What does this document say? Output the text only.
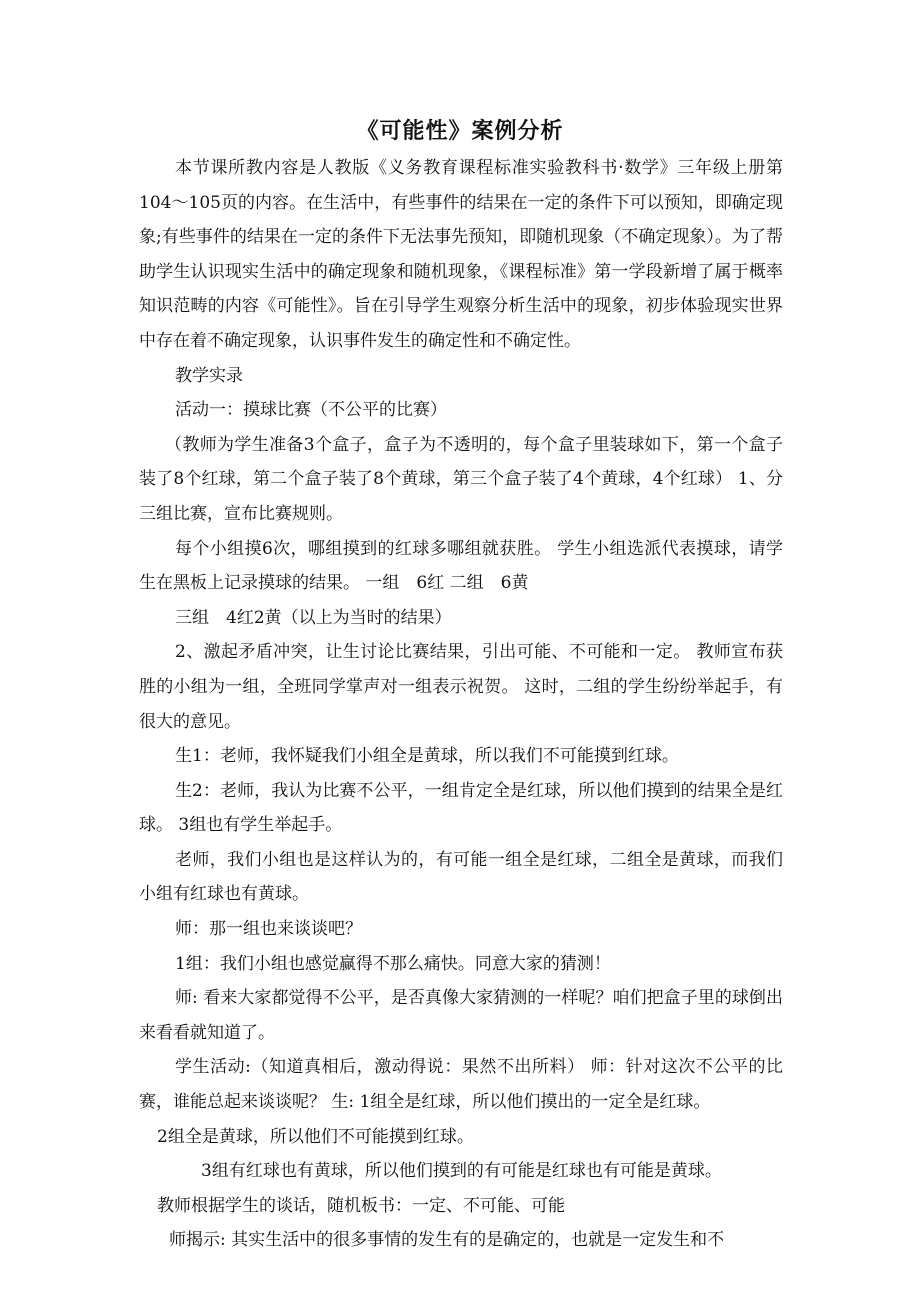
《可能性》案例分析

本节课所教内容是人教版《义务教育课程标准实验教科书·数学》三年级上册第104～105页的内容。在生活中，有些事件的结果在一定的条件下可以预知，即确定现象;有些事件的结果在一定的条件下无法事先预知，即随机现象（不确定现象）。为了帮助学生认识现实生活中的确定现象和随机现象，《课程标准》第一学段新增了属于概率知识范畴的内容《可能性》。旨在引导学生观察分析生活中的现象，初步体验现实世界中存在着不确定现象，认识事件发生的确定性和不确定性。

教学实录

活动一：摸球比赛（不公平的比赛）

（教师为学生准备3个盒子，盒子为不透明的，每个盒子里装球如下，第一个盒子装了8个红球，第二个盒子装了8个黄球，第三个盒子装了4个黄球，4个红球） 1、分三组比赛，宣布比赛规则。

每个小组摸6次，哪组摸到的红球多哪组就获胜。 学生小组选派代表摸球，请学生在黑板上记录摸球的结果。 一组　6红 二组　6黄

三组　4红2黄（以上为当时的结果）

2、激起矛盾冲突，让生讨论比赛结果，引出可能、不可能和一定。 教师宣布获胜的小组为一组，全班同学掌声对一组表示祝贺。 这时，二组的学生纷纷举起手，有很大的意见。

生1：老师，我怀疑我们小组全是黄球，所以我们不可能摸到红球。

生2：老师，我认为比赛不公平，一组肯定全是红球，所以他们摸到的结果全是红球。 3组也有学生举起手。

老师，我们小组也是这样认为的，有可能一组全是红球，二组全是黄球，而我们小组有红球也有黄球。

师：那一组也来谈谈吧？

1组：我们小组也感觉赢得不那么痛快。同意大家的猜测！

师: 看来大家都觉得不公平，是否真像大家猜测的一样呢？咱们把盒子里的球倒出来看看就知道了。

学生活动:（知道真相后，激动得说：果然不出所料） 师：针对这次不公平的比赛，谁能总起来谈谈呢？ 生: 1组全是红球，所以他们摸出的一定全是红球。

2组全是黄球，所以他们不可能摸到红球。

3组有红球也有黄球，所以他们摸到的有可能是红球也有可能是黄球。

教师根据学生的谈话，随机板书：一定、不可能、可能

师揭示: 其实生活中的很多事情的发生有的是确定的，也就是一定发生和不
